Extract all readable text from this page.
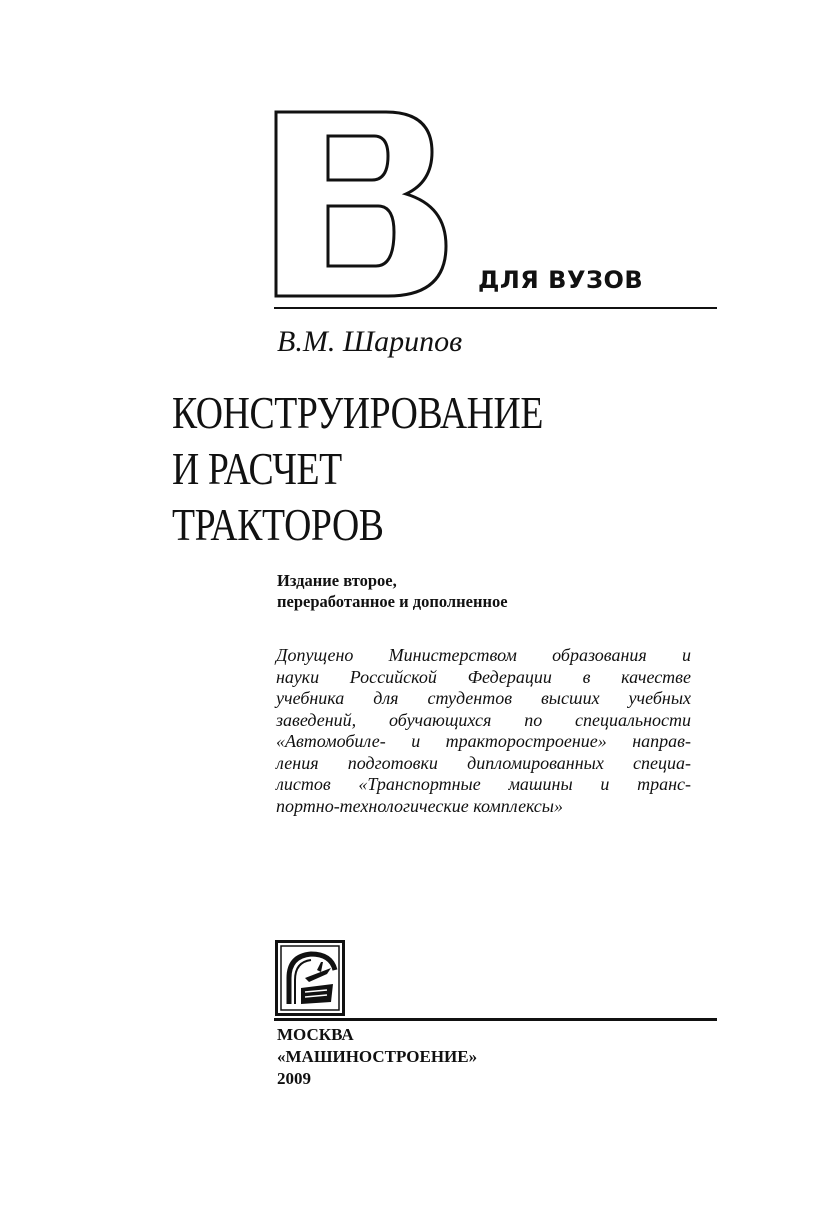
ДЛЯ ВУЗОВ
В.М. Шарипов
КОНСТРУИРОВАНИЕ
И РАСЧЕТ
ТРАКТОРОВ
Издание второе,
переработанное и дополненное
Допущено Министерством образования и
науки Российской Федерации в качестве
учебника для студентов высших учебных
заведений, обучающихся по специальности
«Автомобиле- и тракторостроение» направ-
ления подготовки дипломированных специа-
листов «Транспортные машины и транс-
портно-технологические комплексы»
МОСКВА
«МАШИНОСТРОЕНИЕ»
2009
